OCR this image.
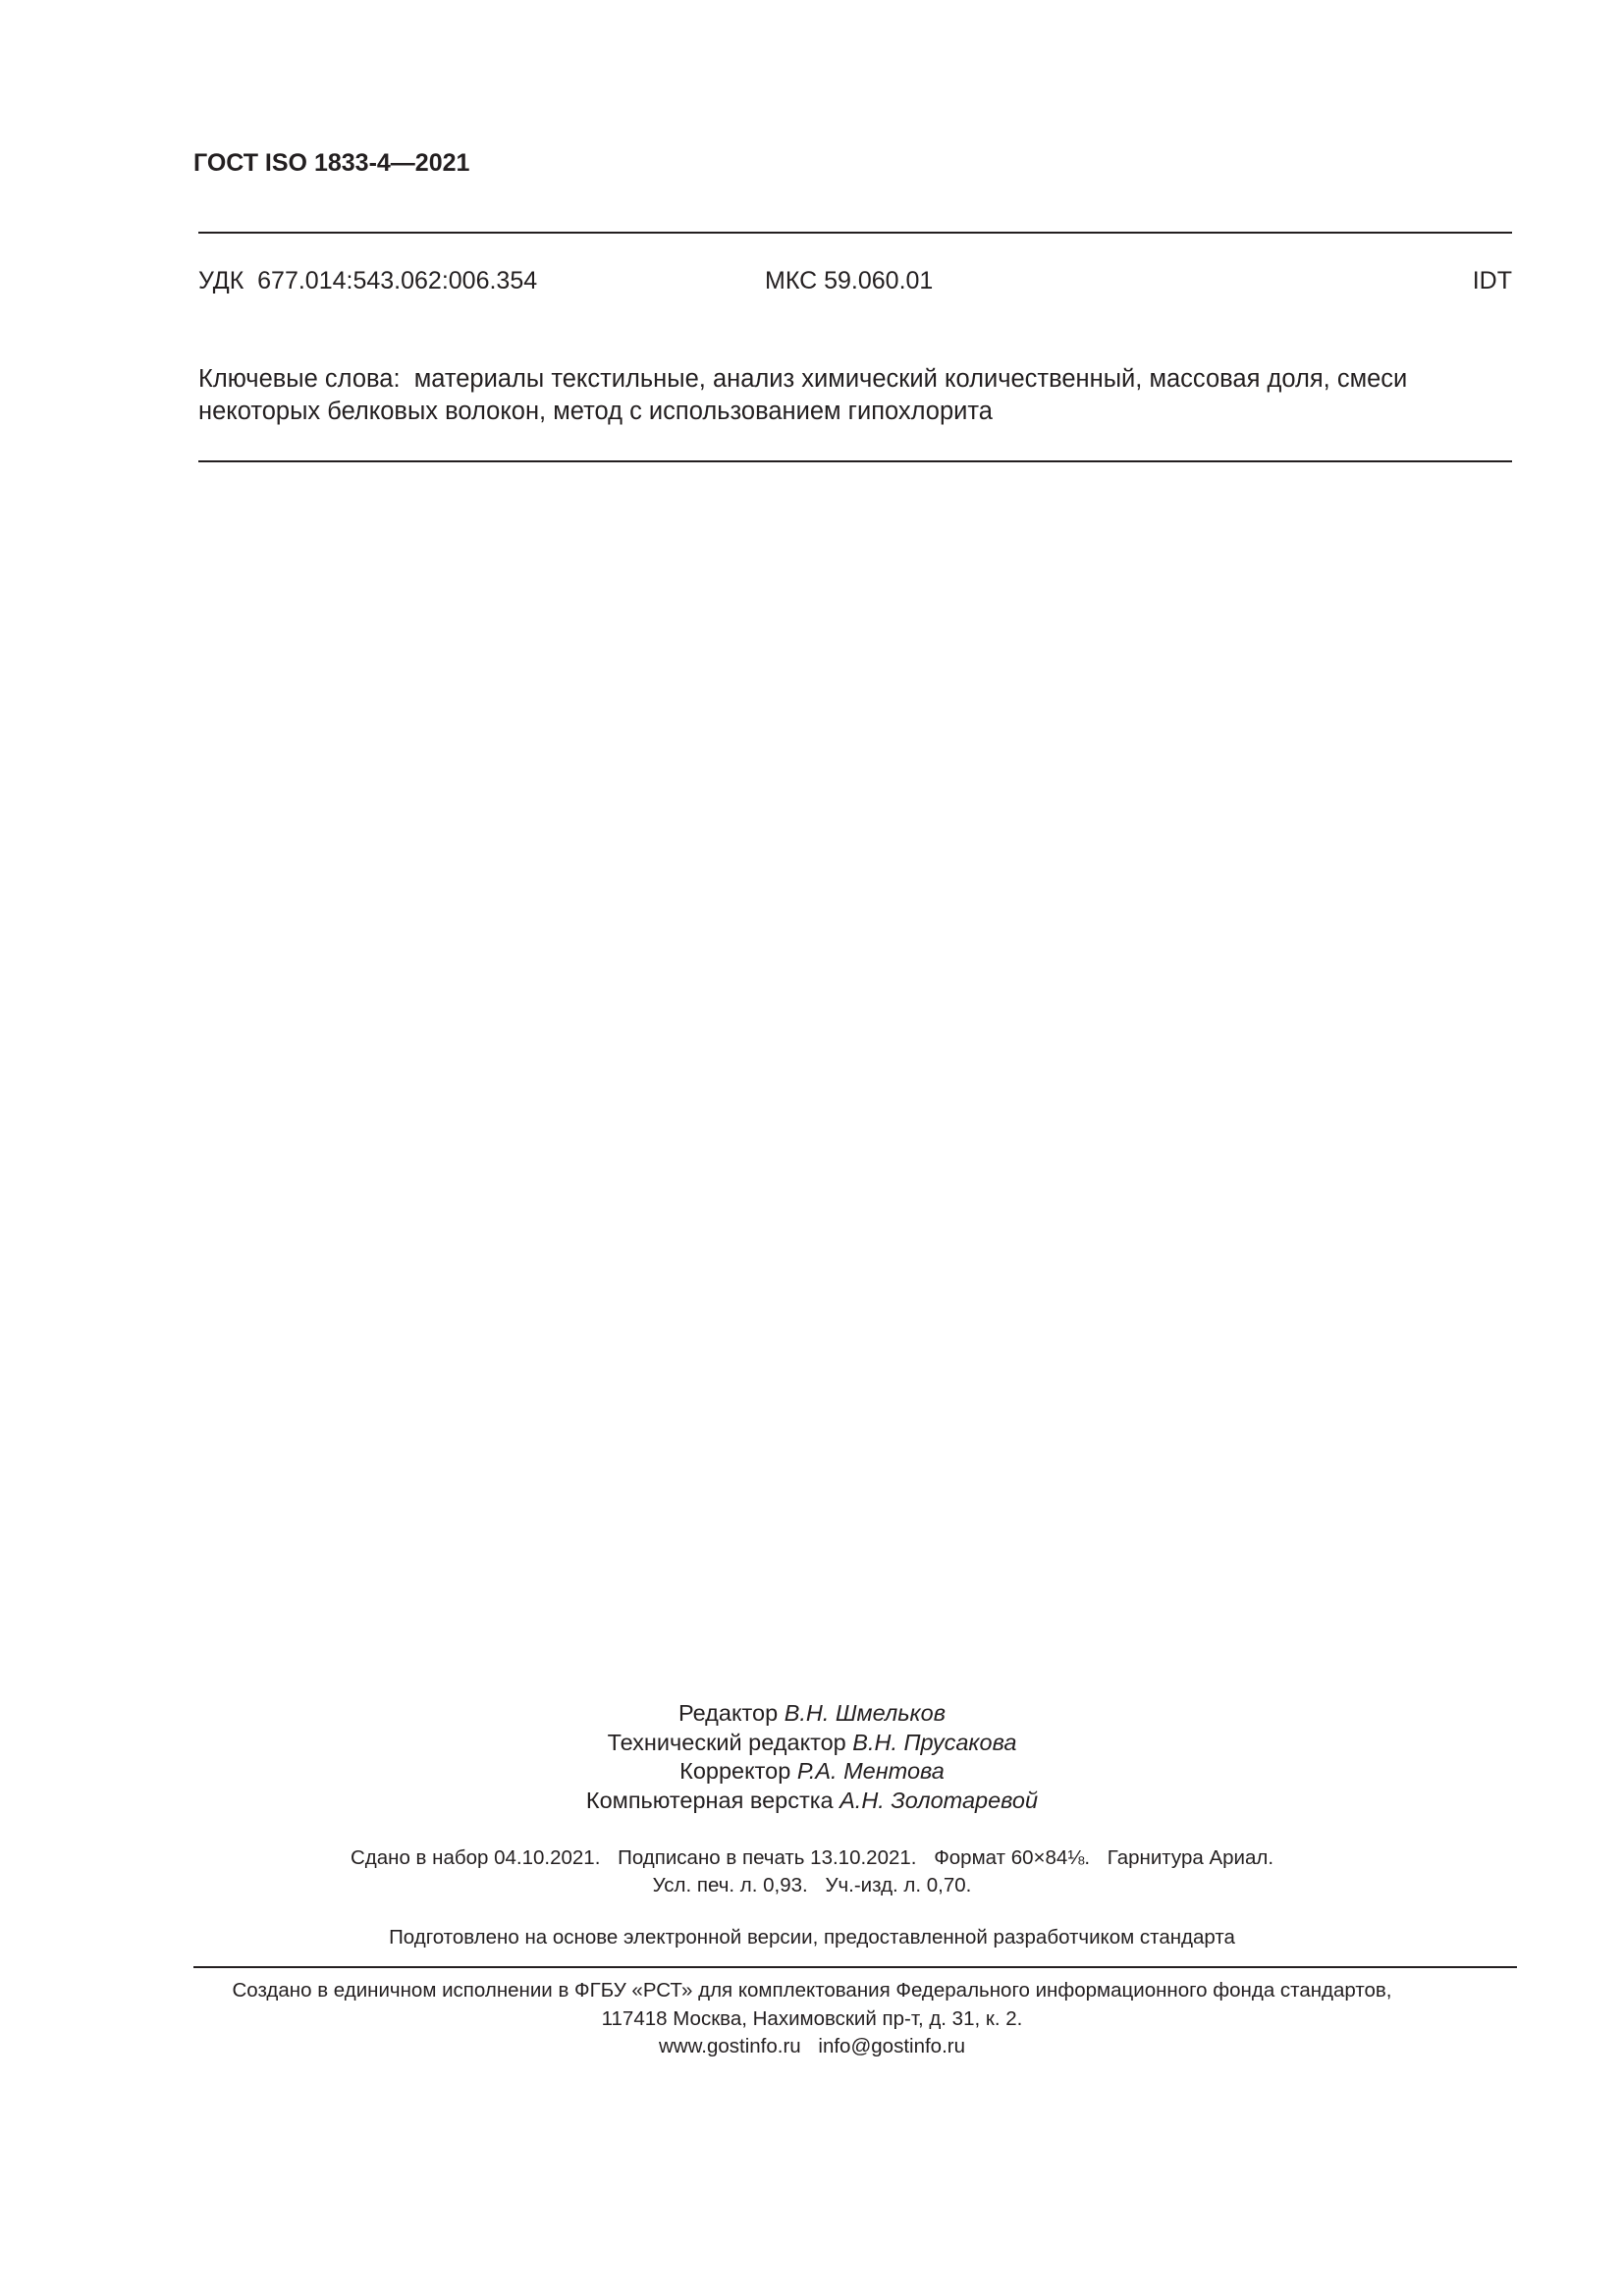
ГОСТ ISO 1833-4—2021
УДК  677.014:543.062:006.354	МКС 59.060.01	IDT
Ключевые слова:  материалы текстильные, анализ химический количественный, массовая доля, смеси некоторых белковых волокон, метод с использованием гипохлорита
Редактор В.Н. Шмельков
Технический редактор В.Н. Прусакова
Корректор Р.А. Ментова
Компьютерная верстка А.Н. Золотаревой
Сдано в набор 04.10.2021. Подписано в печать 13.10.2021. Формат 60×84⅛. Гарнитура Ариал.
Усл. печ. л. 0,93. Уч.-изд. л. 0,70.
Подготовлено на основе электронной версии, предоставленной разработчиком стандарта
Создано в единичном исполнении в ФГБУ «РСТ» для комплектования Федерального информационного фонда стандартов,
117418 Москва, Нахимовский пр-т, д. 31, к. 2.
www.gostinfo.ru info@gostinfo.ru
